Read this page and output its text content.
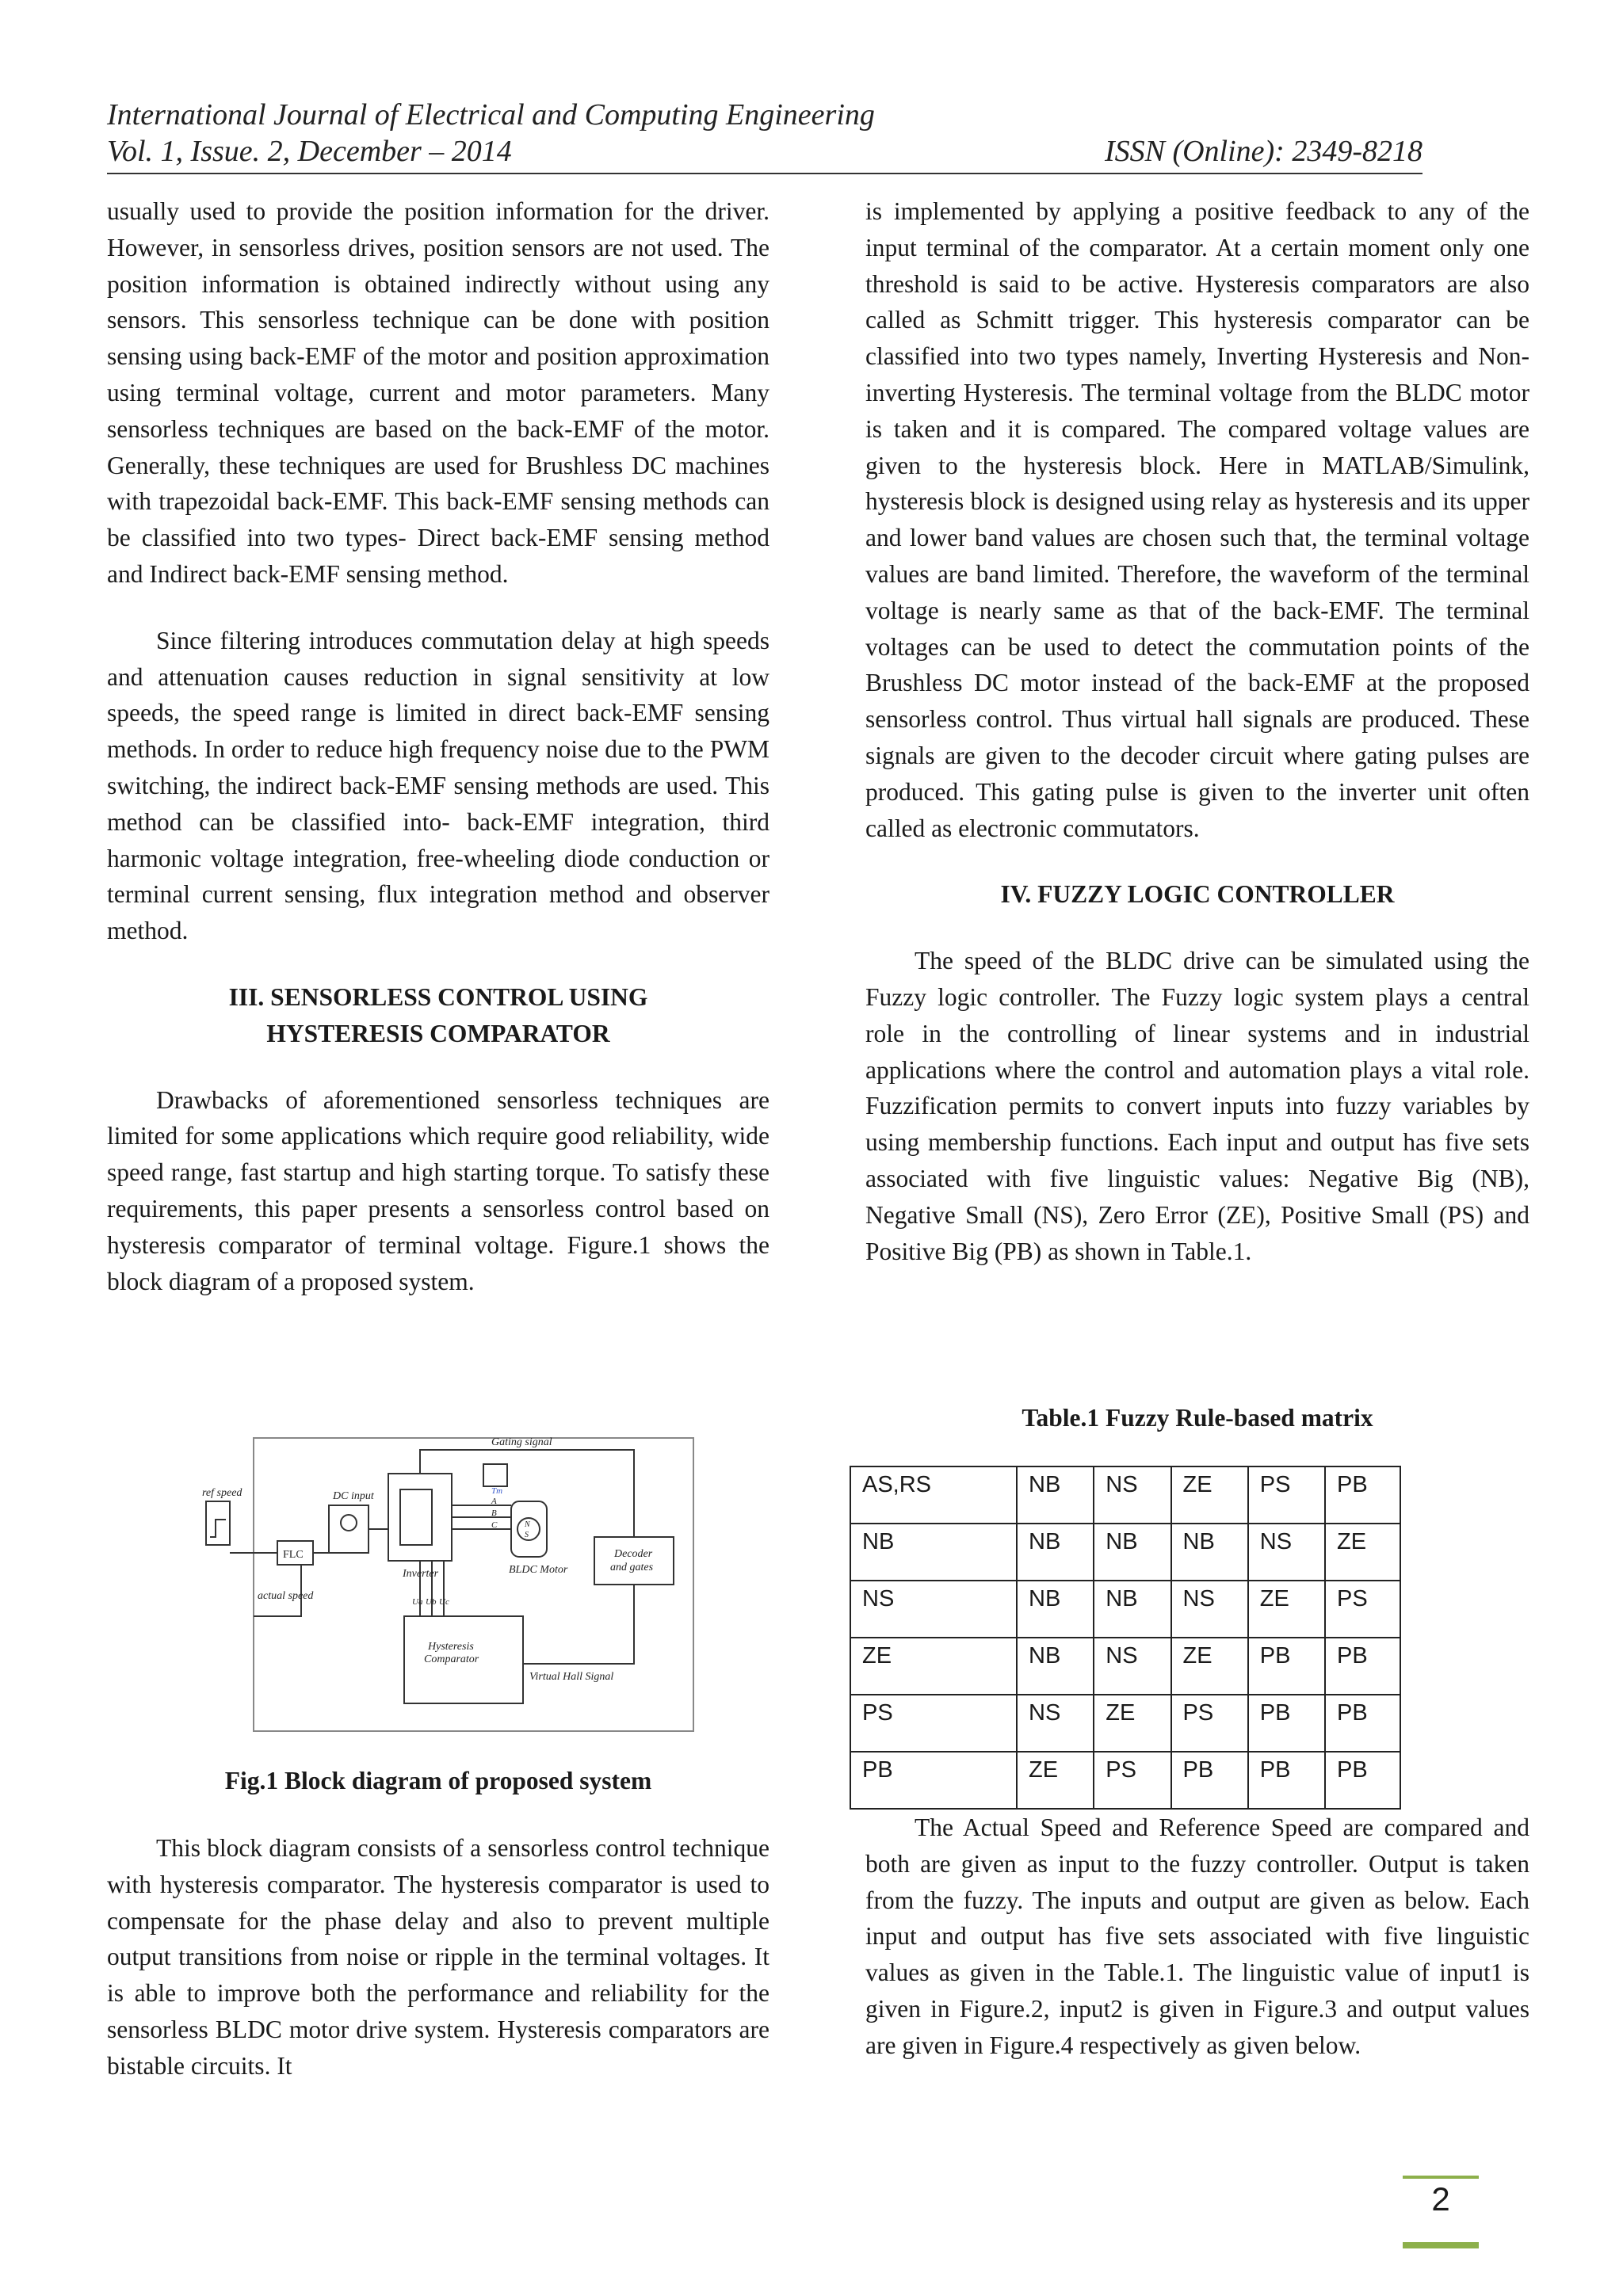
International Journal of Electrical and Computing Engineering
Vol. 1, Issue. 2, December – 2014	ISSN (Online): 2349-8218

usually used to provide the position information for the driver. However, in sensorless drives, position sensors are not used. The position information is obtained indirectly without using any sensors. This sensorless technique can be done with position sensing using back-EMF of the motor and position approximation using terminal voltage, current and motor parameters. Many sensorless techniques are based on the back-EMF of the motor. Generally, these techniques are used for Brushless DC machines with trapezoidal back-EMF. This back-EMF sensing methods can be classified into two types- Direct back-EMF sensing method and Indirect back-EMF sensing method.

Since filtering introduces commutation delay at high speeds and attenuation causes reduction in signal sensitivity at low speeds, the speed range is limited in direct back-EMF sensing methods. In order to reduce high frequency noise due to the PWM switching, the indirect back-EMF sensing methods are used. This method can be classified into- back-EMF integration, third harmonic voltage integration, free-wheeling diode conduction or terminal current sensing, flux integration method and observer method.

III. SENSORLESS CONTROL USING
HYSTERESIS COMPARATOR

Drawbacks of aforementioned sensorless techniques are limited for some applications which require good reliability, wide speed range, fast startup and high starting torque. To satisfy these requirements, this paper presents a sensorless control based on hysteresis comparator of terminal voltage. Figure.1 shows the block diagram of a proposed system.

Gating signal
DC input
ref speed
FLC
Inverter	BLDC Motor
Decoder
and gates
actual speed	Ua Ub Uc
Hysteresis
Comparator
Virtual Hall Signal
Tm
A
B
C	N
S
Fig.1 Block diagram of proposed system

This block diagram consists of a sensorless control technique with hysteresis comparator. The hysteresis comparator is used to compensate for the phase delay and also to prevent multiple output transitions from noise or ripple in the terminal voltages. It is able to improve both the performance and reliability for the sensorless BLDC motor drive system. Hysteresis comparators are bistable circuits. It

is implemented by applying a positive feedback to any of the input terminal of the comparator. At a certain moment only one threshold is said to be active. Hysteresis comparators are also called as Schmitt trigger. This hysteresis comparator can be classified into two types namely, Inverting Hysteresis and Non-inverting Hysteresis. The terminal voltage from the BLDC motor is taken and it is compared. The compared voltage values are given to the hysteresis block. Here in MATLAB/Simulink, hysteresis block is designed using relay as hysteresis and its upper and lower band values are chosen such that, the terminal voltage values are band limited. Therefore, the waveform of the terminal voltage is nearly same as that of the back-EMF. The terminal voltages can be used to detect the commutation points of the Brushless DC motor instead of the back-EMF at the proposed sensorless control. Thus virtual hall signals are produced. These signals are given to the decoder circuit where gating pulses are produced. This gating pulse is given to the inverter unit often called as electronic commutators.

IV. FUZZY LOGIC CONTROLLER

The speed of the BLDC drive can be simulated using the Fuzzy logic controller. The Fuzzy logic system plays a central role in the controlling of linear systems and in industrial applications where the control and automation plays a vital role. Fuzzification permits to convert inputs into fuzzy variables by using membership functions. Each input and output has five sets associated with five linguistic values: Negative Big (NB), Negative Small (NS), Zero Error (ZE), Positive Small (PS) and Positive Big (PB) as shown in Table.1.

Table.1 Fuzzy Rule-based matrix
AS,RS	NB	NS	ZE	PS	PB
NB	NB	NB	NB	NS	ZE
NS	NB	NB	NS	ZE	PS
ZE	NB	NS	ZE	PB	PB
PS	NS	ZE	PS	PB	PB
PB	ZE	PS	PB	PB	PB

The Actual Speed and Reference Speed are compared and both are given as input to the fuzzy controller. Output is taken from the fuzzy. The inputs and output are given as below. Each input and output has five sets associated with five linguistic values as given in the Table.1. The linguistic value of input1 is given in Figure.2, input2 is given in Figure.3 and output values are given in Figure.4 respectively as given below.

2
